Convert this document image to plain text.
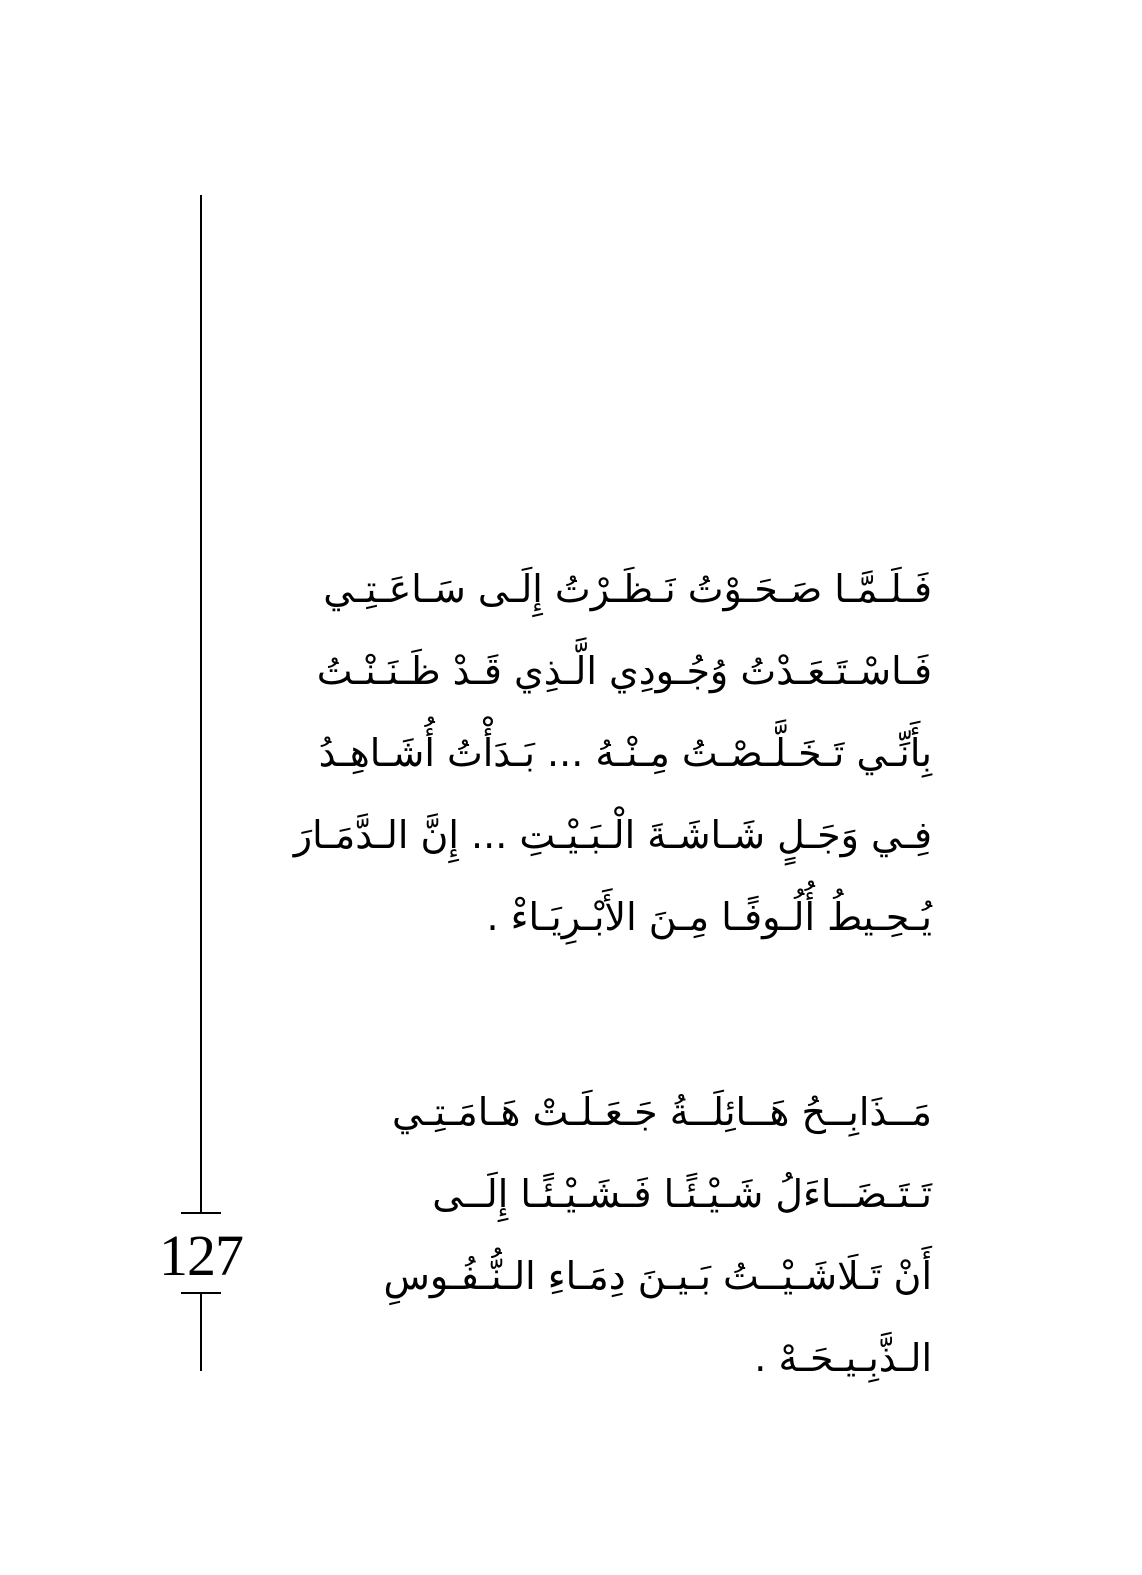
127
فَـلَـمَّـا صَـحَـوْتُ نَـظَـرْتُ إِلَـى سَـاعَـتِـي
فَـاسْـتَـعَـدْتُ وُجُـودِي الَّـذِي قَـدْ ظَـنَـنْـتُ
بِأَنِّـي تَـخَـلَّـصْـتُ مِـنْـهُ ... بَـدَأْتُ أُشَـاهِـدُ
فِـي وَجَـلٍ شَـاشَـةَ الْـبَـيْـتِ ... إِنَّ الـدَّمَـارَ
يُـحِـيطُ أُلُـوفًـا مِـنَ الأَبْـرِيَـاءْ .
مَــذَابِــحُ هَــائِلَــةُ جَـعَـلَـتْ هَـامَـتِـي
تَـتَـضَــاءَلُ شَـيْـئًـا فَـشَـيْـئًـا إِلَــى
أَنْ تَـلَاشَـيْــتُ بَـيـنَ دِمَـاءِ الـنُّـفُـوسِ
الـذَّبِـيـحَـهْ .
